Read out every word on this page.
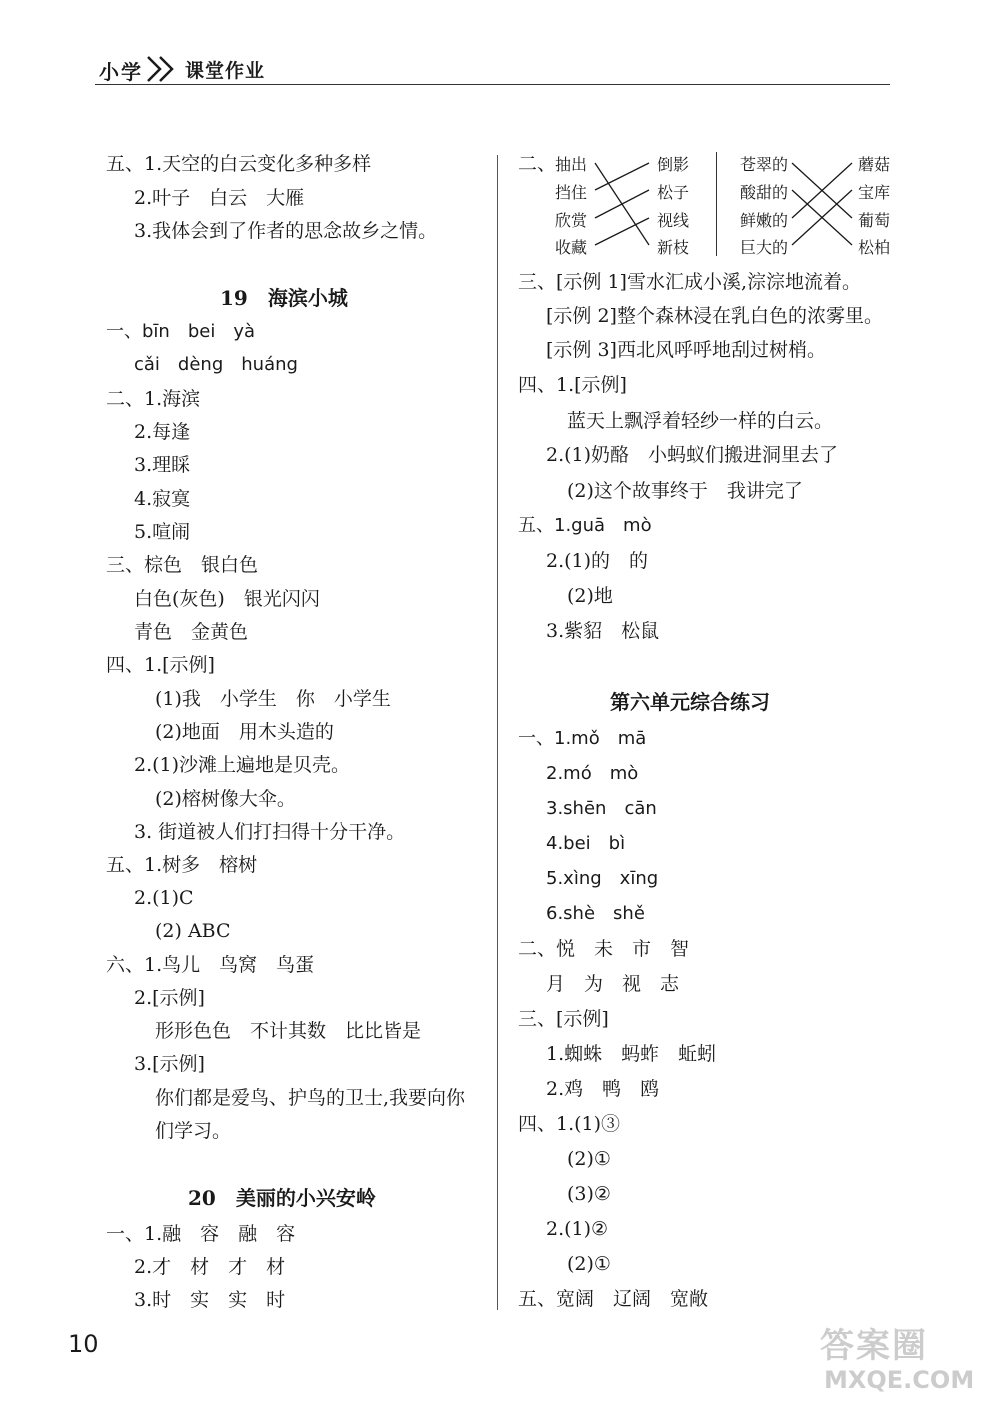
小学 课堂作业
五、1.天空的白云变化多种多样
2.叶子　白云　大雁
3.我体会到了作者的思念故乡之情。
19　海滨小城
一、bīn　bei　yà
cǎi　dèng　huáng
二、1.海滨
2.每逢
3.理睬
4.寂寞
5.喧闹
三、棕色　银白色
白色(灰色)　银光闪闪
青色　金黄色
四、1.[示例]
(1)我　小学生　你　小学生
(2)地面　用木头造的
2.(1)沙滩上遍地是贝壳。
(2)榕树像大伞。
3. 街道被人们打扫得十分干净。
五、1.树多　榕树
2.(1)C
(2) ABC
六、1.鸟儿　鸟窝　鸟蛋
2.[示例]
形形色色　不计其数　比比皆是
3.[示例]
你们都是爱鸟、护鸟的卫士,我要向你
们学习。
20　美丽的小兴安岭
一、1.融　容　融　容
2.才　材　才　材
3.时　实　实　时
二、
抽出
挡住
欣赏
收藏
倒影
松子
视线
新枝
苍翠的
酸甜的
鲜嫩的
巨大的
蘑菇
宝库
葡萄
松柏
三、[示例 1]雪水汇成小溪,淙淙地流着。
[示例 2]整个森林浸在乳白色的浓雾里。
[示例 3]西北风呼呼地刮过树梢。
四、1.[示例]
蓝天上飘浮着轻纱一样的白云。
2.(1)奶酪　小蚂蚁们搬进洞里去了
(2)这个故事终于　我讲完了
五、1.guā　mò
2.(1)的　的
(2)地
3.紫貂　松鼠
第六单元综合练习
一、1.mǒ　mā
2.mó　mò
3.shēn　cān
4.bei　bì
5.xìng　xīng
6.shè　shě
二、悦　未　市　智
月　为　视　志
三、[示例]
1.蜘蛛　蚂蚱　蚯蚓
2.鸡　鸭　鸥
四、1.(1)③
(2)①
(3)②
2.(1)②
(2)①
五、宽阔　辽阔　宽敞
10	答案圈
MXQE.COM
